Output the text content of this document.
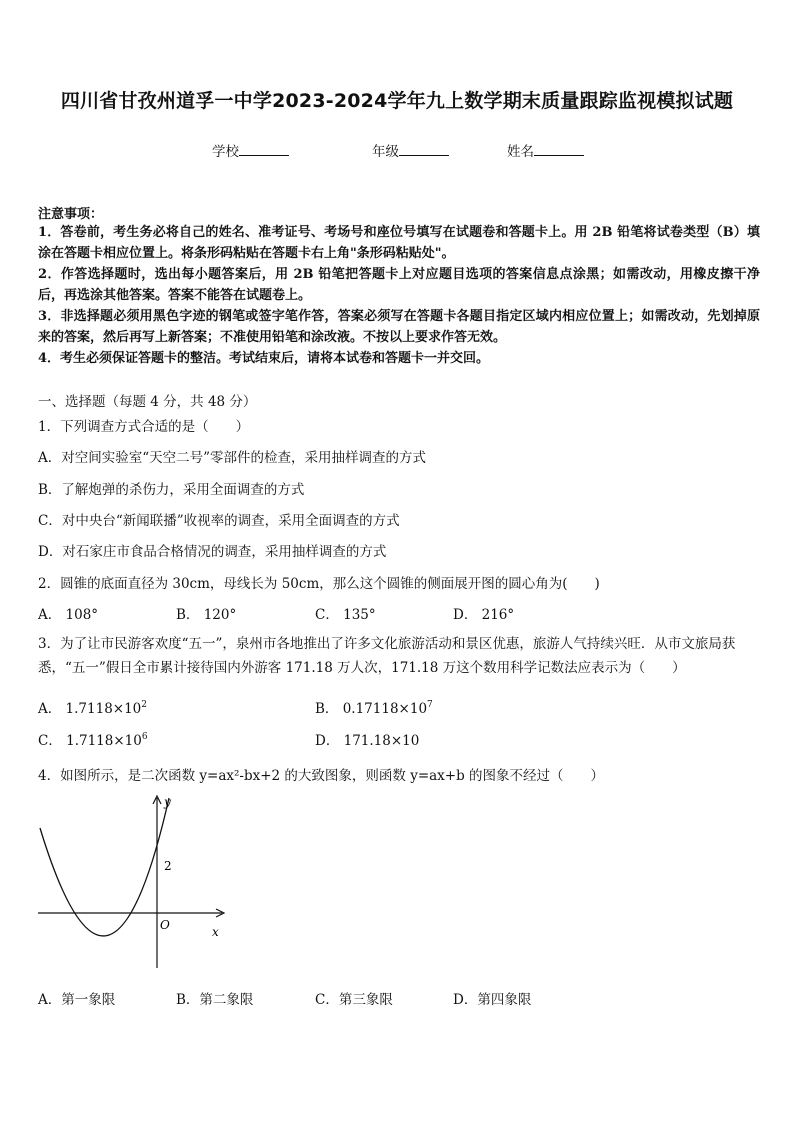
四川省甘孜州道孚一中学2023-2024学年九上数学期末质量跟踪监视模拟试题
学校	年级	姓名
注意事项：

1．答卷前，考生务必将自己的姓名、准考证号、考场号和座位号填写在试题卷和答题卡上。用 2B 铅笔将试卷类型（B）填涂在答题卡相应位置上。将条形码粘贴在答题卡右上角"条形码粘贴处"。

2．作答选择题时，选出每小题答案后，用 2B 铅笔把答题卡上对应题目选项的答案信息点涂黑；如需改动，用橡皮擦干净后，再选涂其他答案。答案不能答在试题卷上。

3．非选择题必须用黑色字迹的钢笔或签字笔作答，答案必须写在答题卡各题目指定区域内相应位置上；如需改动，先划掉原来的答案，然后再写上新答案；不准使用铅笔和涂改液。不按以上要求作答无效。

4．考生必须保证答题卡的整洁。考试结束后，请将本试卷和答题卡一并交回。

一、选择题（每题 4 分，共 48 分）
1．下列调查方式合适的是（　　）
A．对空间实验室“天空二号”零部件的检查，采用抽样调查的方式
B．了解炮弹的杀伤力，采用全面调查的方式
C．对中央台“新闻联播”收视率的调查，采用全面调查的方式
D．对石家庄市食品合格情况的调查，采用抽样调查的方式
2．圆锥的底面直径为 30cm，母线长为 50cm，那么这个圆锥的侧面展开图的圆心角为(　　)
A． 108°	B． 120°	C． 135°	D． 216°

3．为了让市民游客欢度“五一”，泉州市各地推出了许多文化旅游活动和景区优惠，旅游人气持续兴旺．从市文旅局获悉，“五一”假日全市累计接待国内外游客 171.18 万人次，171.18 万这个数用科学记数法应表示为（　　）

A． $1.7118\times 10^2$	B． $0.17118\times 10^7$
C． $1.7118\times 10^6$	D． 171.18×10
4．如图所示，是二次函数 y=ax²-bx+2 的大致图象，则函数 y=ax+b 的图象不经过（　　）
y
x
O
2
A．第一象限	B．第二象限	C．第三象限	D．第四象限
